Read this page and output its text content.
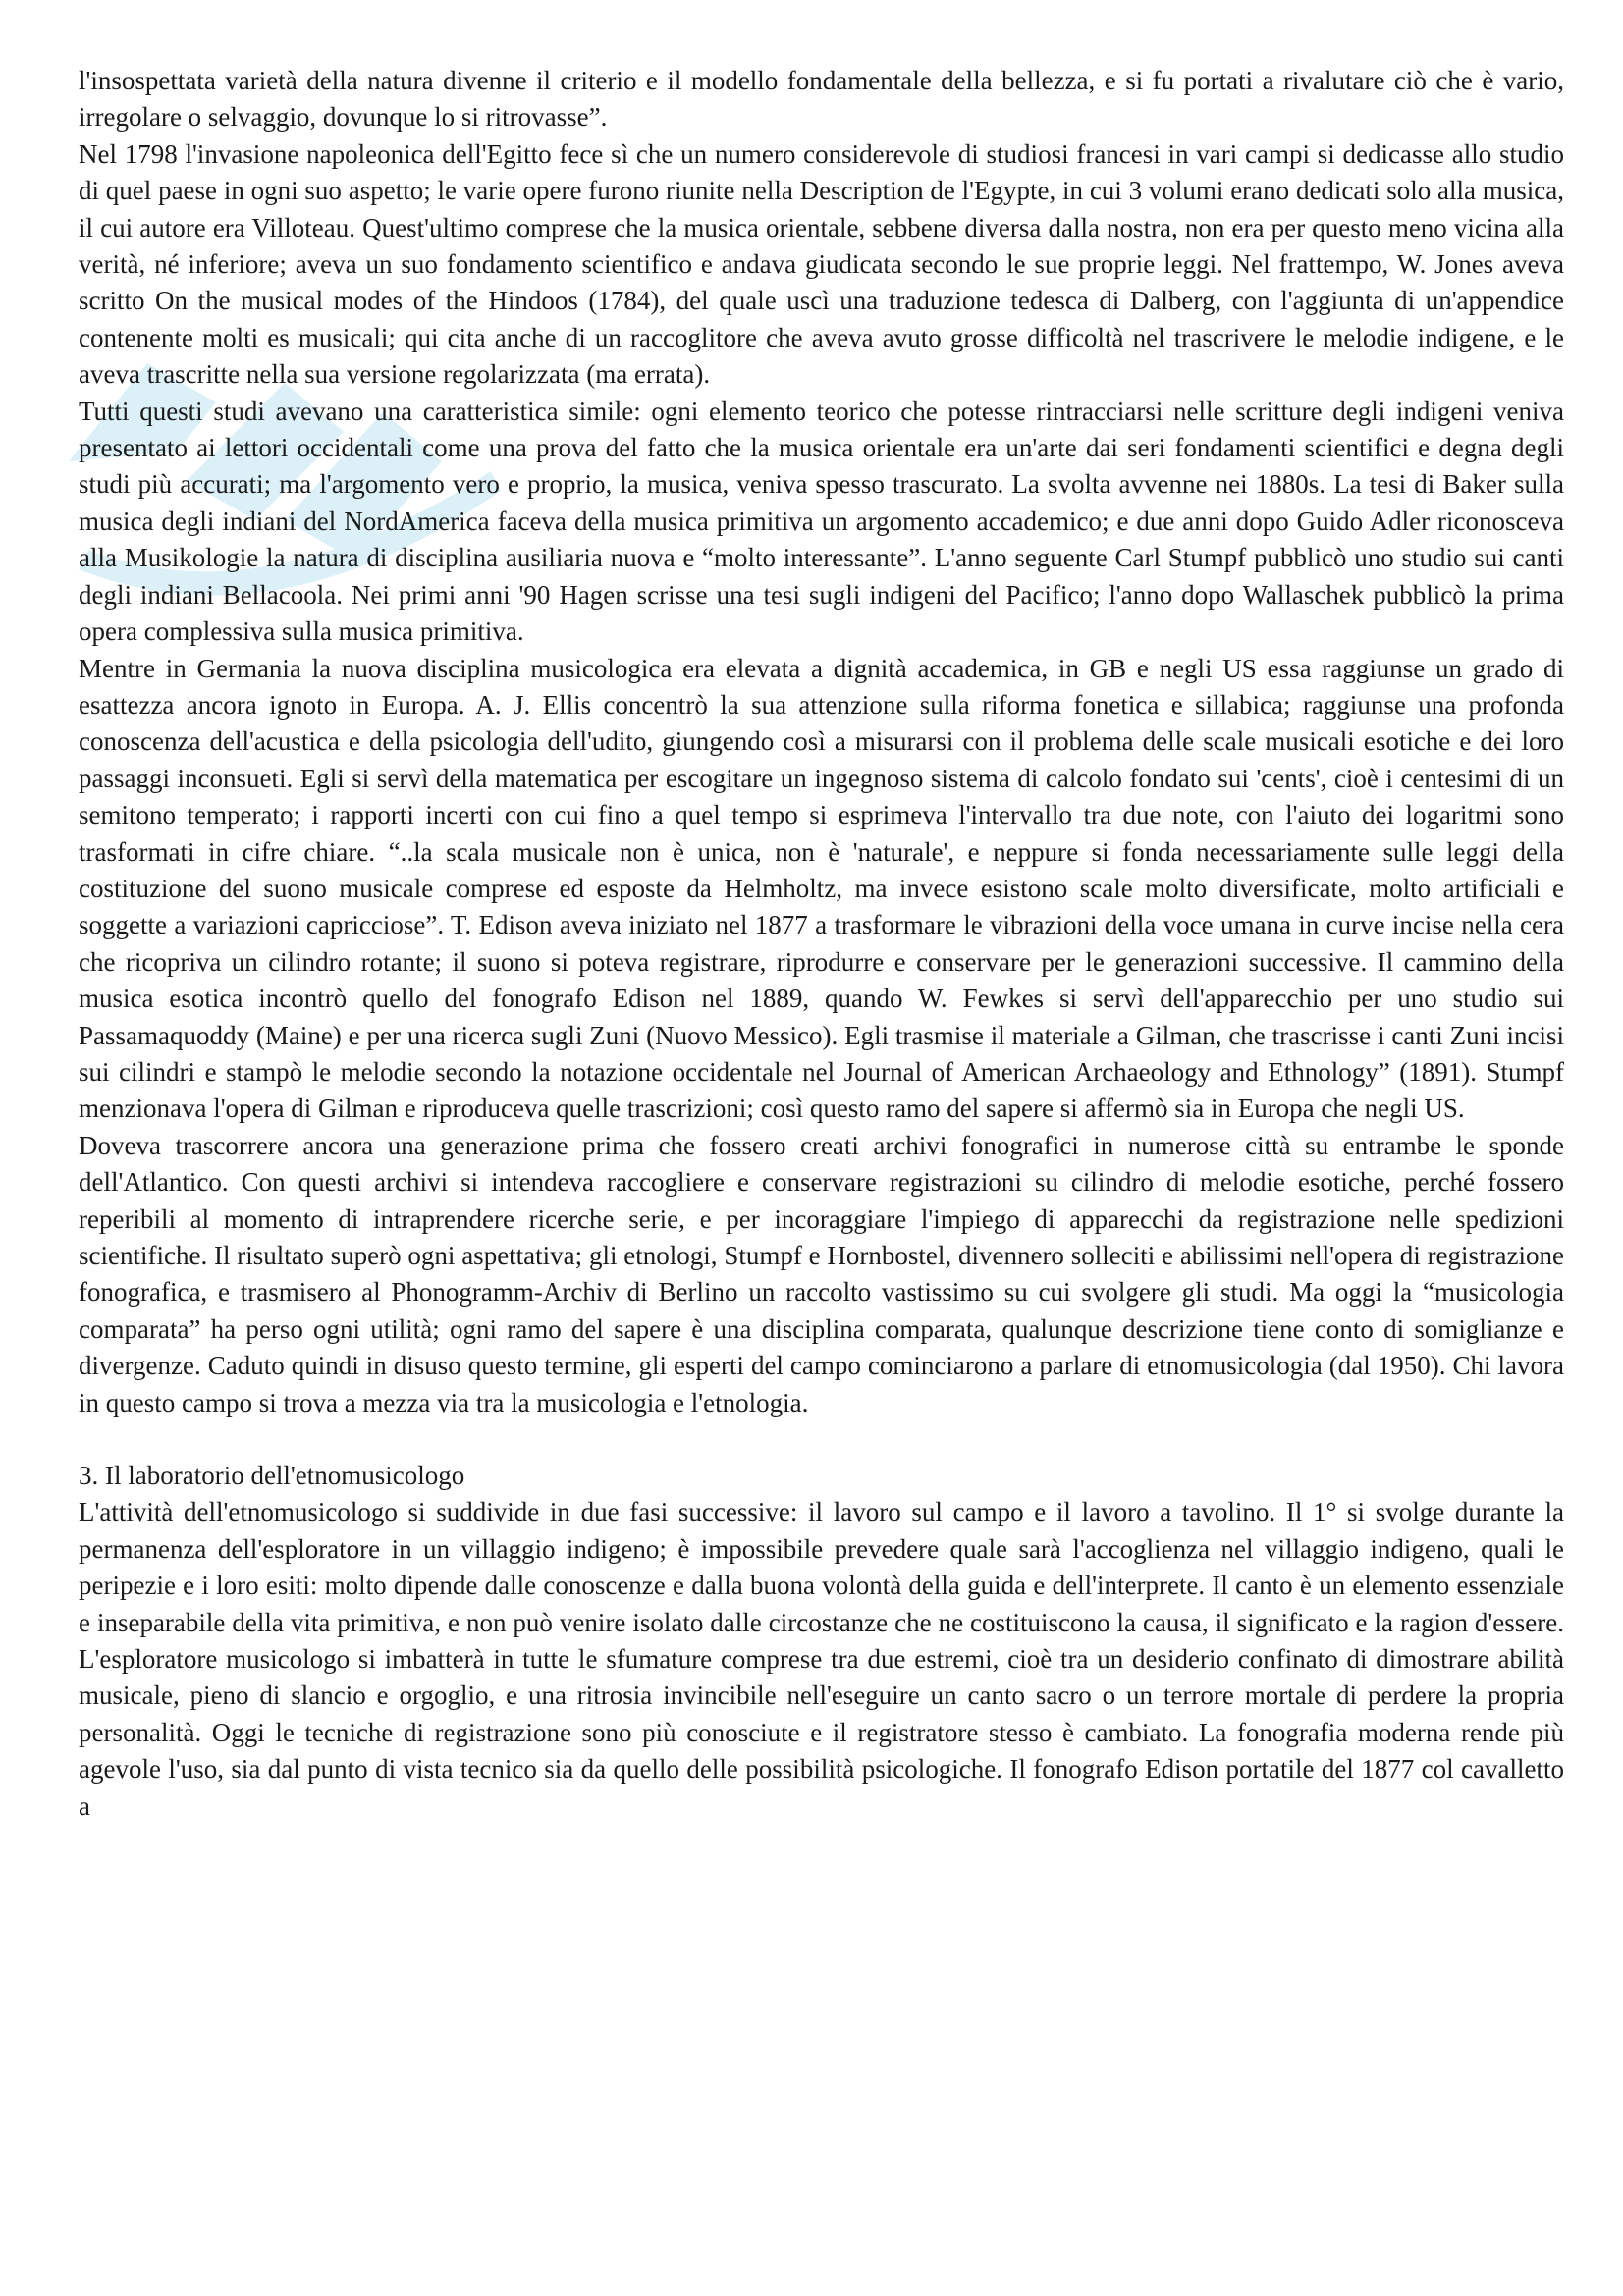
l'insospettata varietà della natura divenne il criterio e il modello fondamentale della bellezza, e si fu portati a rivalutare ciò che è vario, irregolare o selvaggio, dovunque lo si ritrovasse”.

Nel 1798 l'invasione napoleonica dell'Egitto fece sì che un numero considerevole di studiosi francesi in vari campi si dedicasse allo studio di quel paese in ogni suo aspetto; le varie opere furono riunite nella Description de l'Egypte, in cui 3 volumi erano dedicati solo alla musica, il cui autore era Villoteau. Quest'ultimo comprese che la musica orientale, sebbene diversa dalla nostra, non era per questo meno vicina alla verità, né inferiore; aveva un suo fondamento scientifico e andava giudicata secondo le sue proprie leggi. Nel frattempo, W. Jones aveva scritto On the musical modes of the Hindoos (1784), del quale uscì una traduzione tedesca di Dalberg, con l'aggiunta di un'appendice contenente molti es musicali; qui cita anche di un raccoglitore che aveva avuto grosse difficoltà nel trascrivere le melodie indigene, e le aveva trascritte nella sua versione regolarizzata (ma errata).

Tutti questi studi avevano una caratteristica simile: ogni elemento teorico che potesse rintracciarsi nelle scritture degli indigeni veniva presentato ai lettori occidentali come una prova del fatto che la musica orientale era un'arte dai seri fondamenti scientifici e degna degli studi più accurati; ma l'argomento vero e proprio, la musica, veniva spesso trascurato. La svolta avvenne nei 1880s. La tesi di Baker sulla musica degli indiani del NordAmerica faceva della musica primitiva un argomento accademico; e due anni dopo Guido Adler riconosceva alla Musikologie la natura di disciplina ausiliaria nuova e “molto interessante”. L'anno seguente Carl Stumpf pubblicò uno studio sui canti degli indiani Bellacoola. Nei primi anni '90 Hagen scrisse una tesi sugli indigeni del Pacifico; l'anno dopo Wallaschek pubblicò la prima opera complessiva sulla musica primitiva.

Mentre in Germania la nuova disciplina musicologica era elevata a dignità accademica, in GB e negli US essa raggiunse un grado di esattezza ancora ignoto in Europa. A. J. Ellis concentrò la sua attenzione sulla riforma fonetica e sillabica; raggiunse una profonda conoscenza dell'acustica e della psicologia dell'udito, giungendo così a misurarsi con il problema delle scale musicali esotiche e dei loro passaggi inconsueti. Egli si servì della matematica per escogitare un ingegnoso sistema di calcolo fondato sui 'cents', cioè i centesimi di un semitono temperato; i rapporti incerti con cui fino a quel tempo si esprimeva l'intervallo tra due note, con l'aiuto dei logaritmi sono trasformati in cifre chiare. “..la scala musicale non è unica, non è 'naturale', e neppure si fonda necessariamente sulle leggi della costituzione del suono musicale comprese ed esposte da Helmholtz, ma invece esistono scale molto diversificate, molto artificiali e soggette a variazioni capricciose”. T. Edison aveva iniziato nel 1877 a trasformare le vibrazioni della voce umana in curve incise nella cera che ricopriva un cilindro rotante; il suono si poteva registrare, riprodurre e conservare per le generazioni successive. Il cammino della musica esotica incontrò quello del fonografo Edison nel 1889, quando W. Fewkes si servì dell'apparecchio per uno studio sui Passamaquoddy (Maine) e per una ricerca sugli Zuni (Nuovo Messico). Egli trasmise il materiale a Gilman, che trascrisse i canti Zuni incisi sui cilindri e stampò le melodie secondo la notazione occidentale nel Journal of American Archaeology and Ethnology” (1891). Stumpf menzionava l'opera di Gilman e riproduceva quelle trascrizioni; così questo ramo del sapere si affermò sia in Europa che negli US.

Doveva trascorrere ancora una generazione prima che fossero creati archivi fonografici in numerose città su entrambe le sponde dell'Atlantico. Con questi archivi si intendeva raccogliere e conservare registrazioni su cilindro di melodie esotiche, perché fossero reperibili al momento di intraprendere ricerche serie, e per incoraggiare l'impiego di apparecchi da registrazione nelle spedizioni scientifiche. Il risultato superò ogni aspettativa; gli etnologi, Stumpf e Hornbostel, divennero solleciti e abilissimi nell'opera di registrazione fonografica, e trasmisero al Phonogramm-Archiv di Berlino un raccolto vastissimo su cui svolgere gli studi. Ma oggi la “musicologia comparata” ha perso ogni utilità; ogni ramo del sapere è una disciplina comparata, qualunque descrizione tiene conto di somiglianze e divergenze. Caduto quindi in disuso questo termine, gli esperti del campo cominciarono a parlare di etnomusicologia (dal 1950). Chi lavora in questo campo si trova a mezza via tra la musicologia e l'etnologia.

3. Il laboratorio dell'etnomusicologo

L'attività dell'etnomusicologo si suddivide in due fasi successive: il lavoro sul campo e il lavoro a tavolino. Il 1° si svolge durante la permanenza dell'esploratore in un villaggio indigeno; è impossibile prevedere quale sarà l'accoglienza nel villaggio indigeno, quali le peripezie e i loro esiti: molto dipende dalle conoscenze e dalla buona volontà della guida e dell'interprete. Il canto è un elemento essenziale e inseparabile della vita primitiva, e non può venire isolato dalle circostanze che ne costituiscono la causa, il significato e la ragion d'essere. L'esploratore musicologo si imbatterà in tutte le sfumature comprese tra due estremi, cioè tra un desiderio confinato di dimostrare abilità musicale, pieno di slancio e orgoglio, e una ritrosia invincibile nell'eseguire un canto sacro o un terrore mortale di perdere la propria personalità. Oggi le tecniche di registrazione sono più conosciute e il registratore stesso è cambiato. La fonografia moderna rende più agevole l'uso, sia dal punto di vista tecnico sia da quello delle possibilità psicologiche. Il fonografo Edison portatile del 1877 col cavalletto a
